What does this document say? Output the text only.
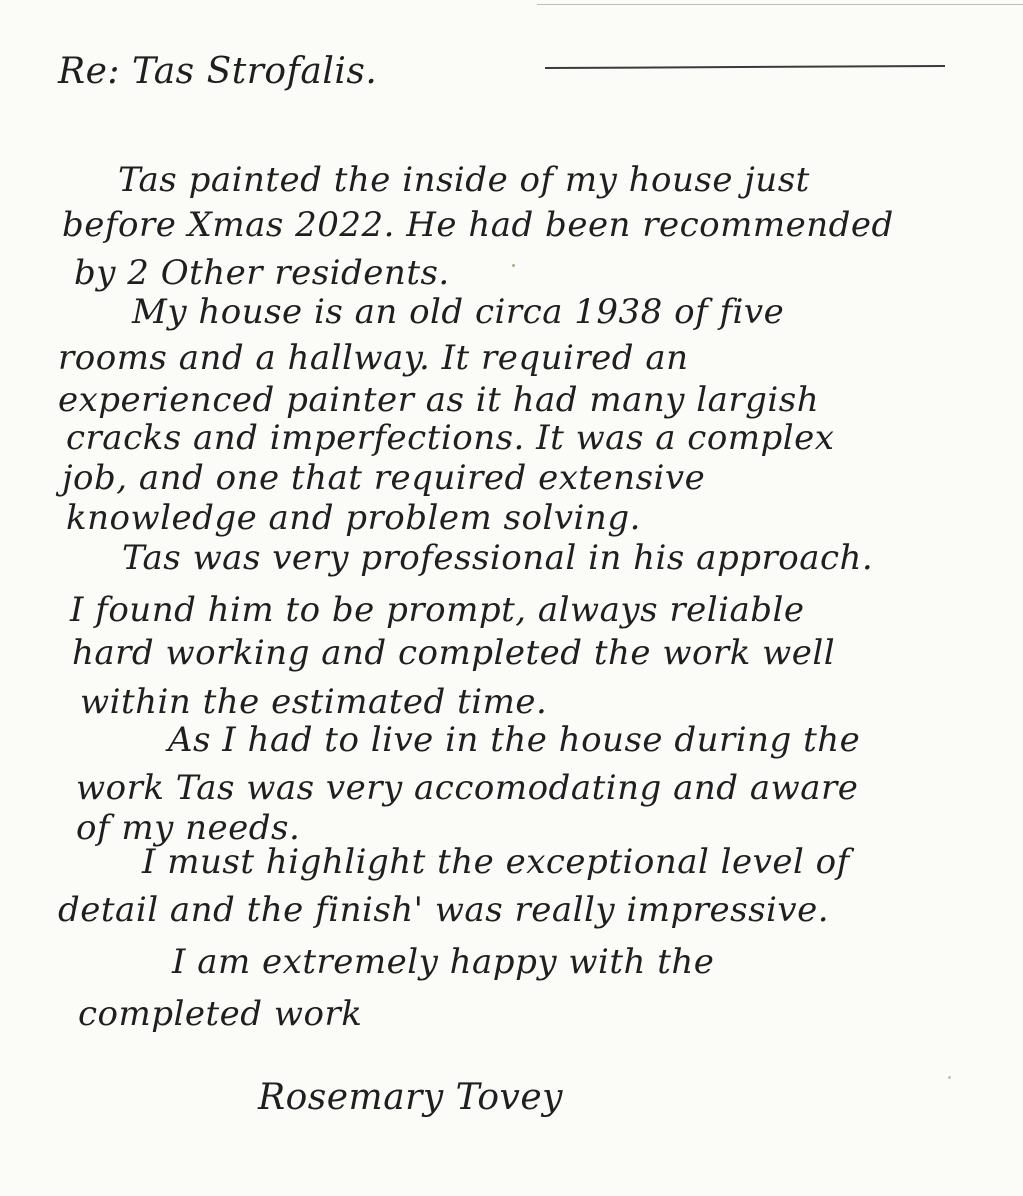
Re: Tas Strofalis.
Tas painted the inside of my house just
before Xmas 2022. He had been recommended
by 2 Other residents.
My house is an old circa 1938 of five
rooms and a hallway. It required an
experienced painter as it had many largish
cracks and imperfections. It was a complex
job, and one that required extensive
knowledge and problem solving.
Tas was very professional in his approach.
I found him to be prompt, always reliable
hard working and completed the work well
within the estimated time.
As I had to live in the house during the
work Tas was very accomodating and aware
of my needs.
I must highlight the exceptional level of
detail and the finish' was really impressive.
I am extremely happy with the
completed work
Rosemary Tovey
